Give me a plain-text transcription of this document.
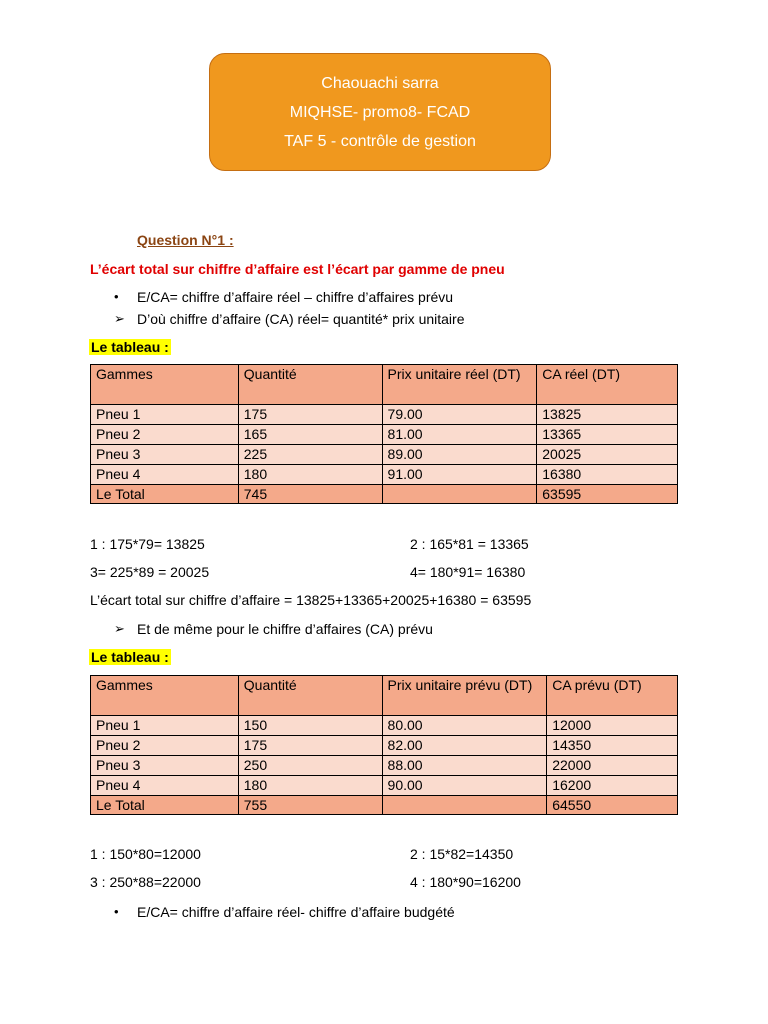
Chaouachi sarra
MIQHSE- promo8- FCAD
TAF 5 - contrôle de gestion
Question N°1 :
L’écart total sur chiffre d’affaire est l’écart par gamme de pneu
• E/CA= chiffre d’affaire réel – chiffre d’affaires prévu
➢ D’où chiffre d’affaire (CA) réel= quantité* prix unitaire
Le tableau :
Gammes	Quantité	Prix unitaire réel (DT)	CA réel (DT)
Pneu 1	175	79.00	13825
Pneu 2	165	81.00	13365
Pneu 3	225	89.00	20025
Pneu 4	180	91.00	16380
Le Total	745		63595
1 : 175*79= 13825	2 : 165*81 = 13365
3= 225*89 = 20025	4= 180*91= 16380
L’écart total sur chiffre d’affaire = 13825+13365+20025+16380 = 63595
➢ Et de même pour le chiffre d’affaires (CA) prévu
Le tableau :
Gammes	Quantité	Prix unitaire prévu (DT)	CA prévu (DT)
Pneu 1	150	80.00	12000
Pneu 2	175	82.00	14350
Pneu 3	250	88.00	22000
Pneu 4	180	90.00	16200
Le Total	755		64550
1 : 150*80=12000	2 : 15*82=14350
3 : 250*88=22000	4 : 180*90=16200
• E/CA= chiffre d’affaire réel- chiffre d’affaire budgété
